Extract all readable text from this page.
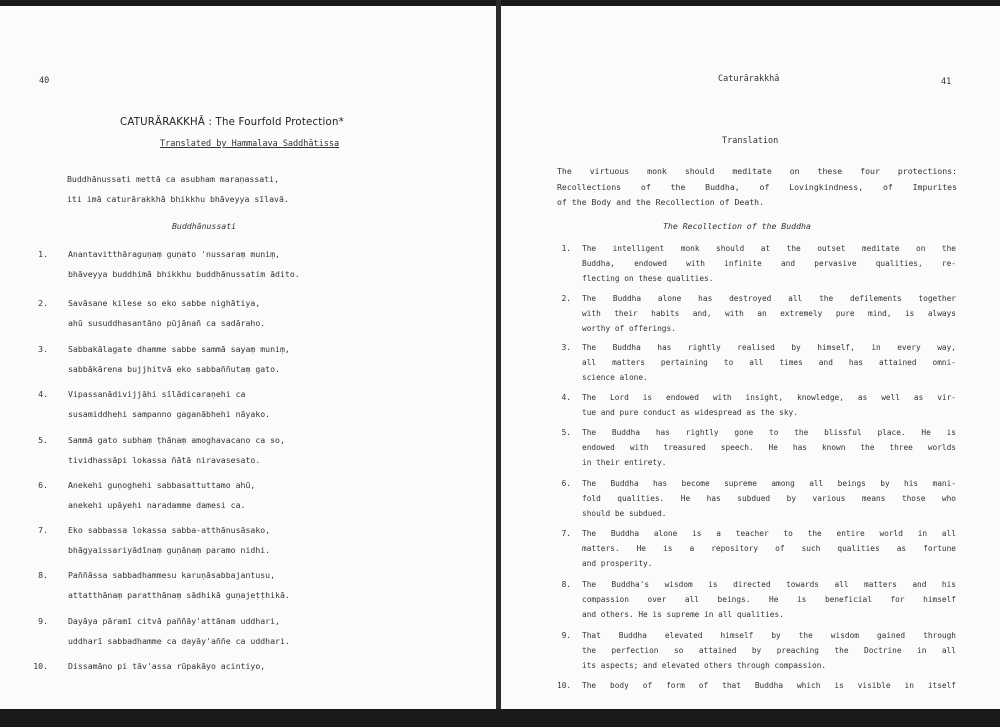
40
CATURĀRAKKHĀ : The Fourfold Protection*
Translated by Hammalava Saddhātissa
Buddhānussati mettā ca asubham maraṇassati,
iti imā caturārakkhā bhikkhu bhāveyya sīlavā.
Buddhānussati
1. Anantavitthāraguṇaṃ guṇato 'nussaraṃ muniṃ,
bhāveyya buddhimā bhikkhu buddhānussatim ādito.
2. Savāsane kilese so eko sabbe nighātiya,
ahū susuddhasantāno pūjānañ ca sadāraho.
3. Sabbakālagate dhamme sabbe sammā sayaṃ muniṃ,
sabbākārena bujjhitvā eko sabbaññutaṃ gato.
4. Vipassanādivijjāhi sīlādicaraṇehi ca
susamiddhehi sampanno gaganābhehi nāyako.
5. Sammā gato subhaṃ ṭhānaṃ amoghavacano ca so,
tividhassāpi lokassa ñātā niravasesato.
6. Anekehi guṇoghehi sabbasattuttamo ahū,
anekehi upāyehi naradamme damesi ca.
7. Eko sabbassa lokassa sabba-atthānusāsako,
bhāgyaissariyādīnaṃ guṇānaṃ paramo nidhi.
8. Paññāssa sabbadhammesu karuṇāsabbajantusu,
attatthānaṃ paratthānaṃ sādhikā guṇajeṭṭhikā.
9. Dayāya pāramī citvā paññāy'attānam uddhari,
uddharī sabbadhamme ca dayāy'aññe ca uddhari.
10. Dissamāno pi tāv'assa rūpakāyo acintiyo,
Caturārakkhā	41
Translation
The virtuous monk should meditate on these four protections:
Recollections of the Buddha, of Lovingkindness, of Impurites
of the Body and the Recollection of Death.
The Recollection of the Buddha
1. The intelligent monk should at the outset meditate on the
Buddha, endowed with infinite and pervasive qualities, re-
flecting on these qualities.
2. The Buddha alone has destroyed all the defilements together
with their habits and, with an extremely pure mind, is always
worthy of offerings.
3. The Buddha has rightly realised by himself, in every way,
all matters pertaining to all times and has attained omni-
science alone.
4. The Lord is endowed with insight, knowledge, as well as vir-
tue and pure conduct as widespread as the sky.
5. The Buddha has rightly gone to the blissful place. He is
endowed with treasured speech. He has known the three worlds
in their entirety.
6. The Buddha has become supreme among all beings by his mani-
fold qualities. He has subdued by various means those who
should be subdued.
7. The Buddha alone is a teacher to the entire world in all
matters. He is a repository of such qualities as fortune
and prosperity.
8. The Buddha's wisdom is directed towards all matters and his
compassion over all beings. He is beneficial for himself
and others. He is supreme in all qualities.
9. That Buddha elevated himself by the wisdom gained through
the perfection so attained by preaching the Doctrine in all
its aspects; and elevated others through compassion.
10. The body of form of that Buddha which is visible in itself
